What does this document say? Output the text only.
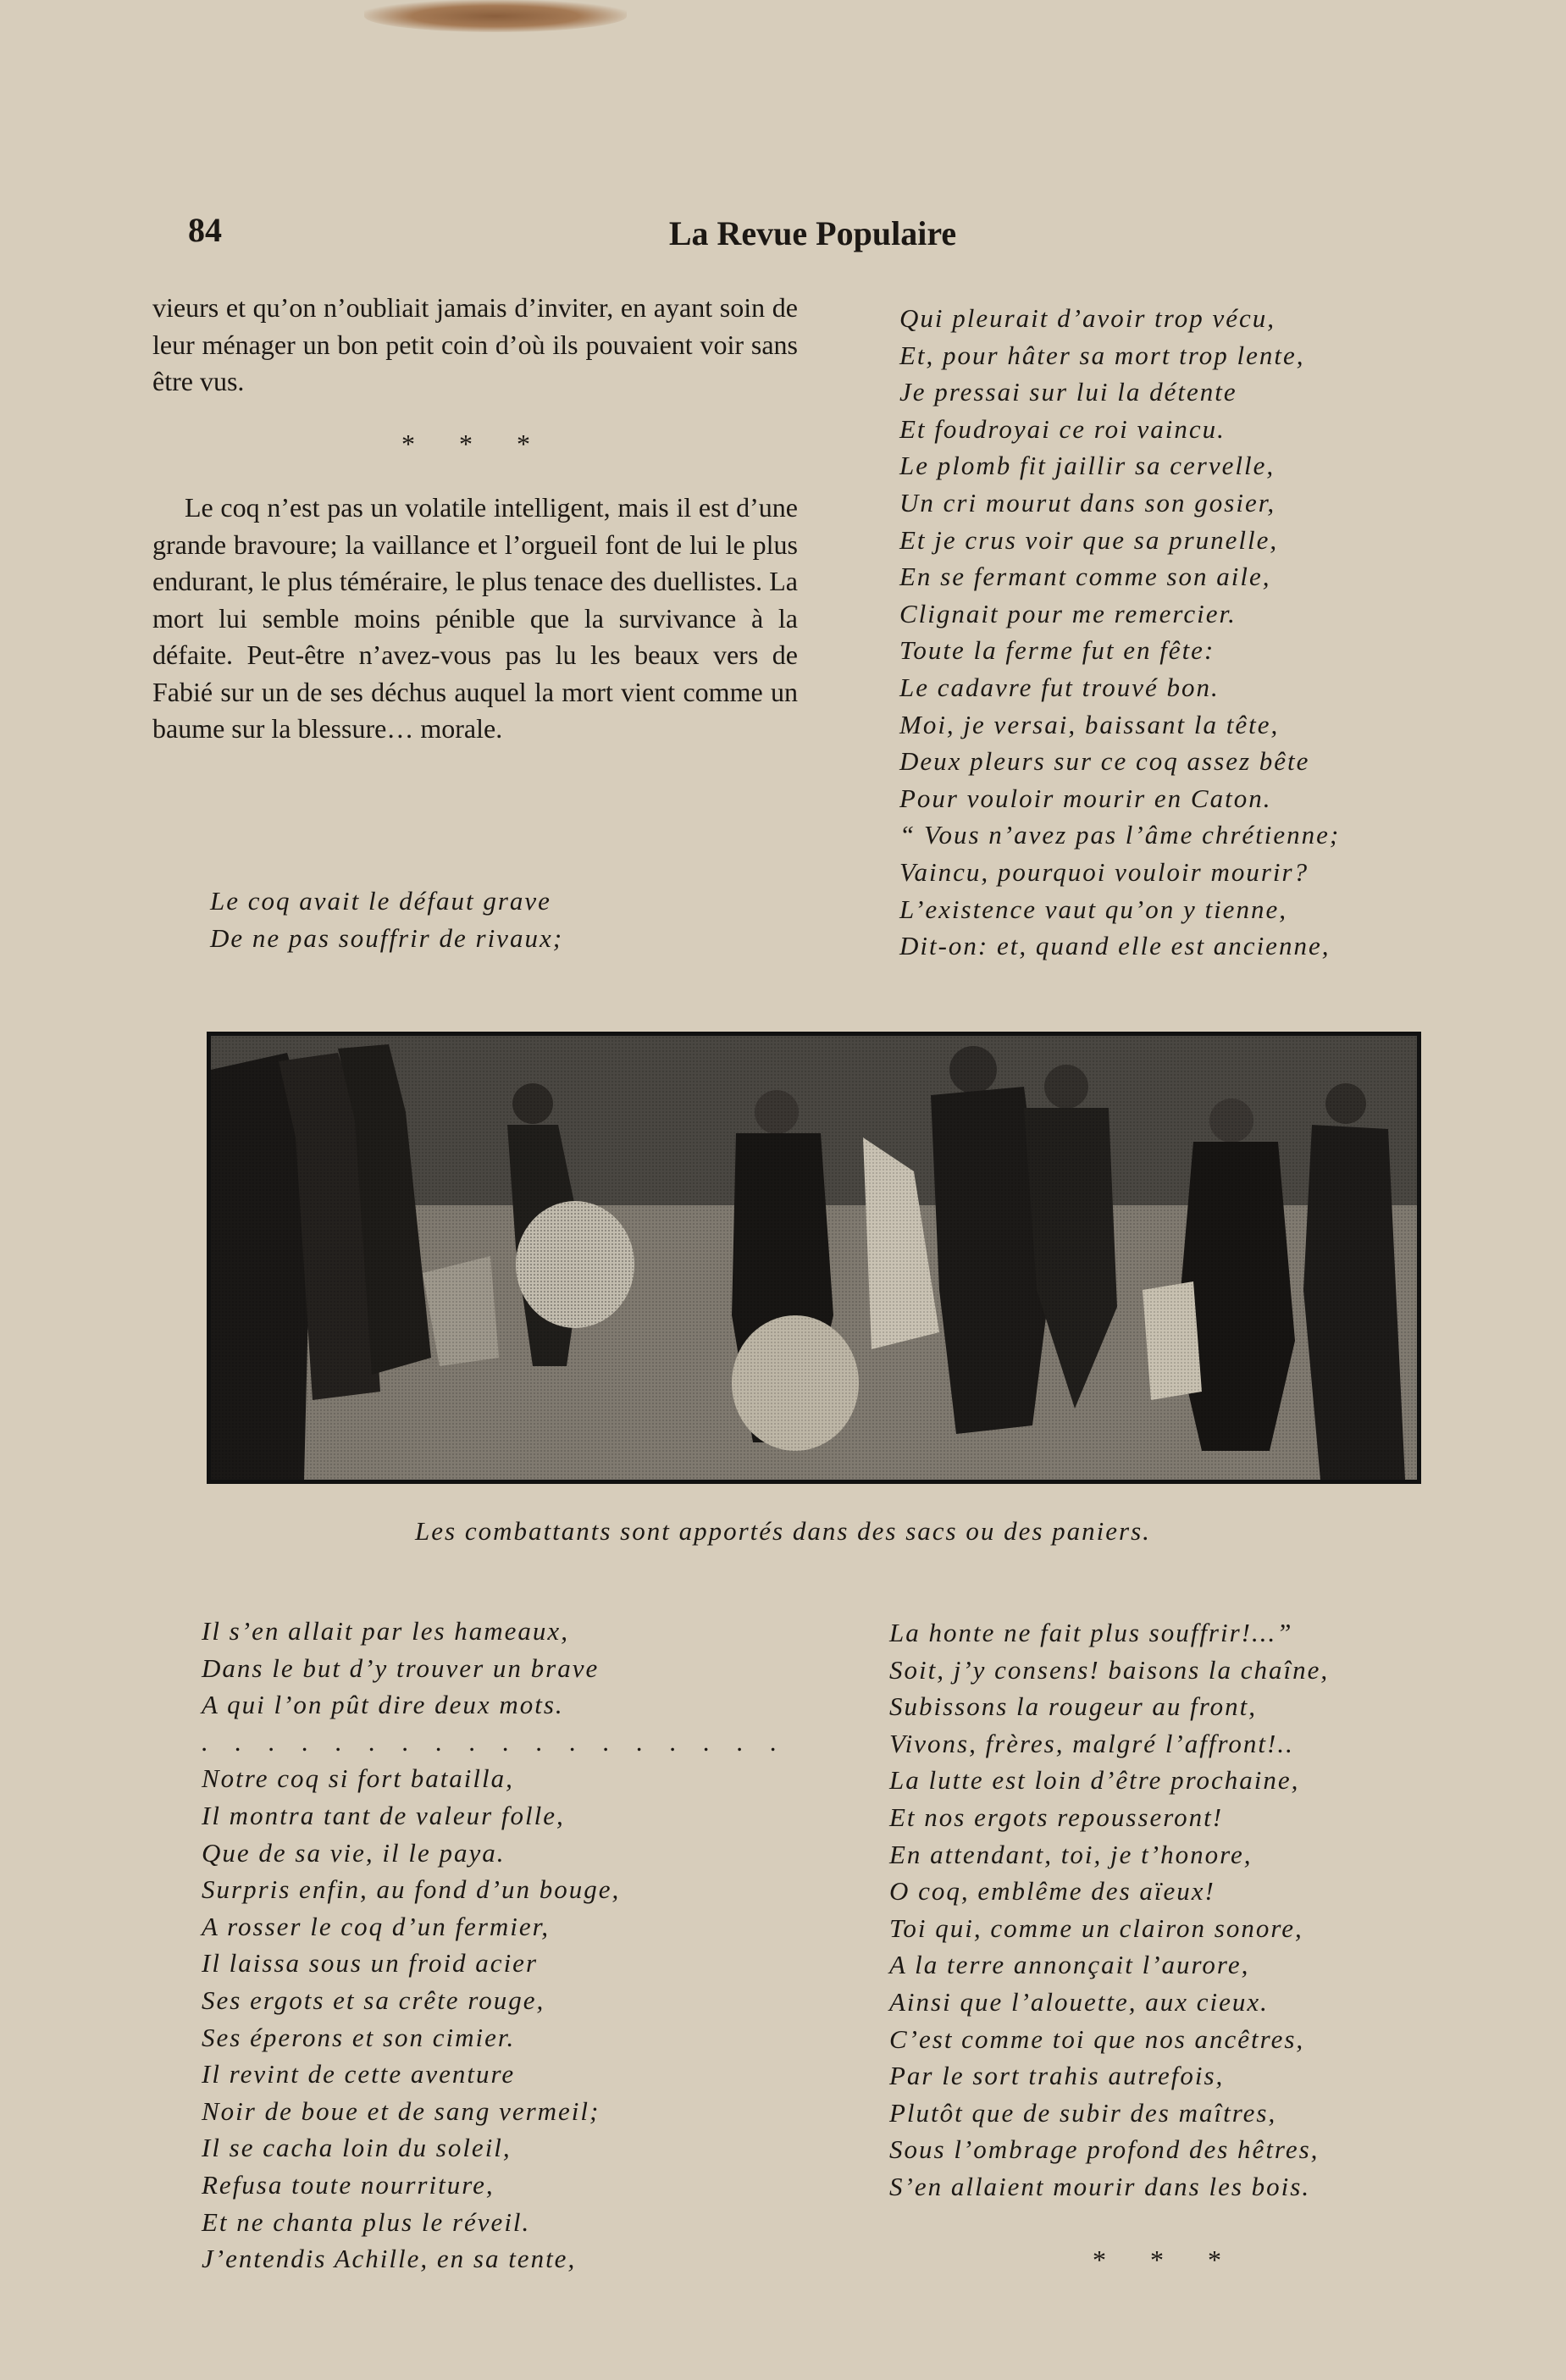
84	La Revue Populaire

vieurs et qu’on n’oubliait jamais d’inviter, en ayant soin de leur ménager un bon petit coin d’où ils pouvaient voir sans être vus.

* * *

Le coq n’est pas un volatile intelligent, mais il est d’une grande bravoure; la vaillance et l’orgueil font de lui le plus endurant, le plus téméraire, le plus tenace des duellistes. La mort lui semble moins pénible que la survivance à la défaite. Peut-être n’avez-vous pas lu les beaux vers de Fabié sur un de ses déchus auquel la mort vient comme un baume sur la blessure… morale.

Le coq avait le défaut grave
De ne pas souffrir de rivaux;
Qui pleurait d’avoir trop vécu,
Et, pour hâter sa mort trop lente,
Je pressai sur lui la détente
Et foudroyai ce roi vaincu.
Le plomb fit jaillir sa cervelle,
Un cri mourut dans son gosier,
Et je crus voir que sa prunelle,
En se fermant comme son aile,
Clignait pour me remercier.
Toute la ferme fut en fête:
Le cadavre fut trouvé bon.
Moi, je versai, baissant la tête,
Deux pleurs sur ce coq assez bête
Pour vouloir mourir en Caton.
“ Vous n’avez pas l’âme chrétienne;
Vaincu, pourquoi vouloir mourir?
L’existence vaut qu’on y tienne,
Dit-on: et, quand elle est ancienne,
Les combattants sont apportés dans des sacs ou des paniers.
Il s’en allait par les hameaux,
Dans le but d’y trouver un brave
A qui l’on pût dire deux mots.
. . . . . . . . . . . . . . . . . .
Notre coq si fort batailla,
Il montra tant de valeur folle,
Que de sa vie, il le paya.
Surpris enfin, au fond d’un bouge,
A rosser le coq d’un fermier,
Il laissa sous un froid acier
Ses ergots et sa crête rouge,
Ses éperons et son cimier.
Il revint de cette aventure
Noir de boue et de sang vermeil;
Il se cacha loin du soleil,
Refusa toute nourriture,
Et ne chanta plus le réveil.
J’entendis Achille, en sa tente,
La honte ne fait plus souffrir!...”
Soit, j’y consens! baisons la chaîne,
Subissons la rougeur au front,
Vivons, frères, malgré l’affront!..
La lutte est loin d’être prochaine,
Et nos ergots repousseront!
En attendant, toi, je t’honore,
O coq, emblême des aïeux!
Toi qui, comme un clairon sonore,
A la terre annonçait l’aurore,
Ainsi que l’alouette, aux cieux.
C’est comme toi que nos ancêtres,
Par le sort trahis autrefois,
Plutôt que de subir des maîtres,
Sous l’ombrage profond des hêtres,
S’en allaient mourir dans les bois.
* * *
